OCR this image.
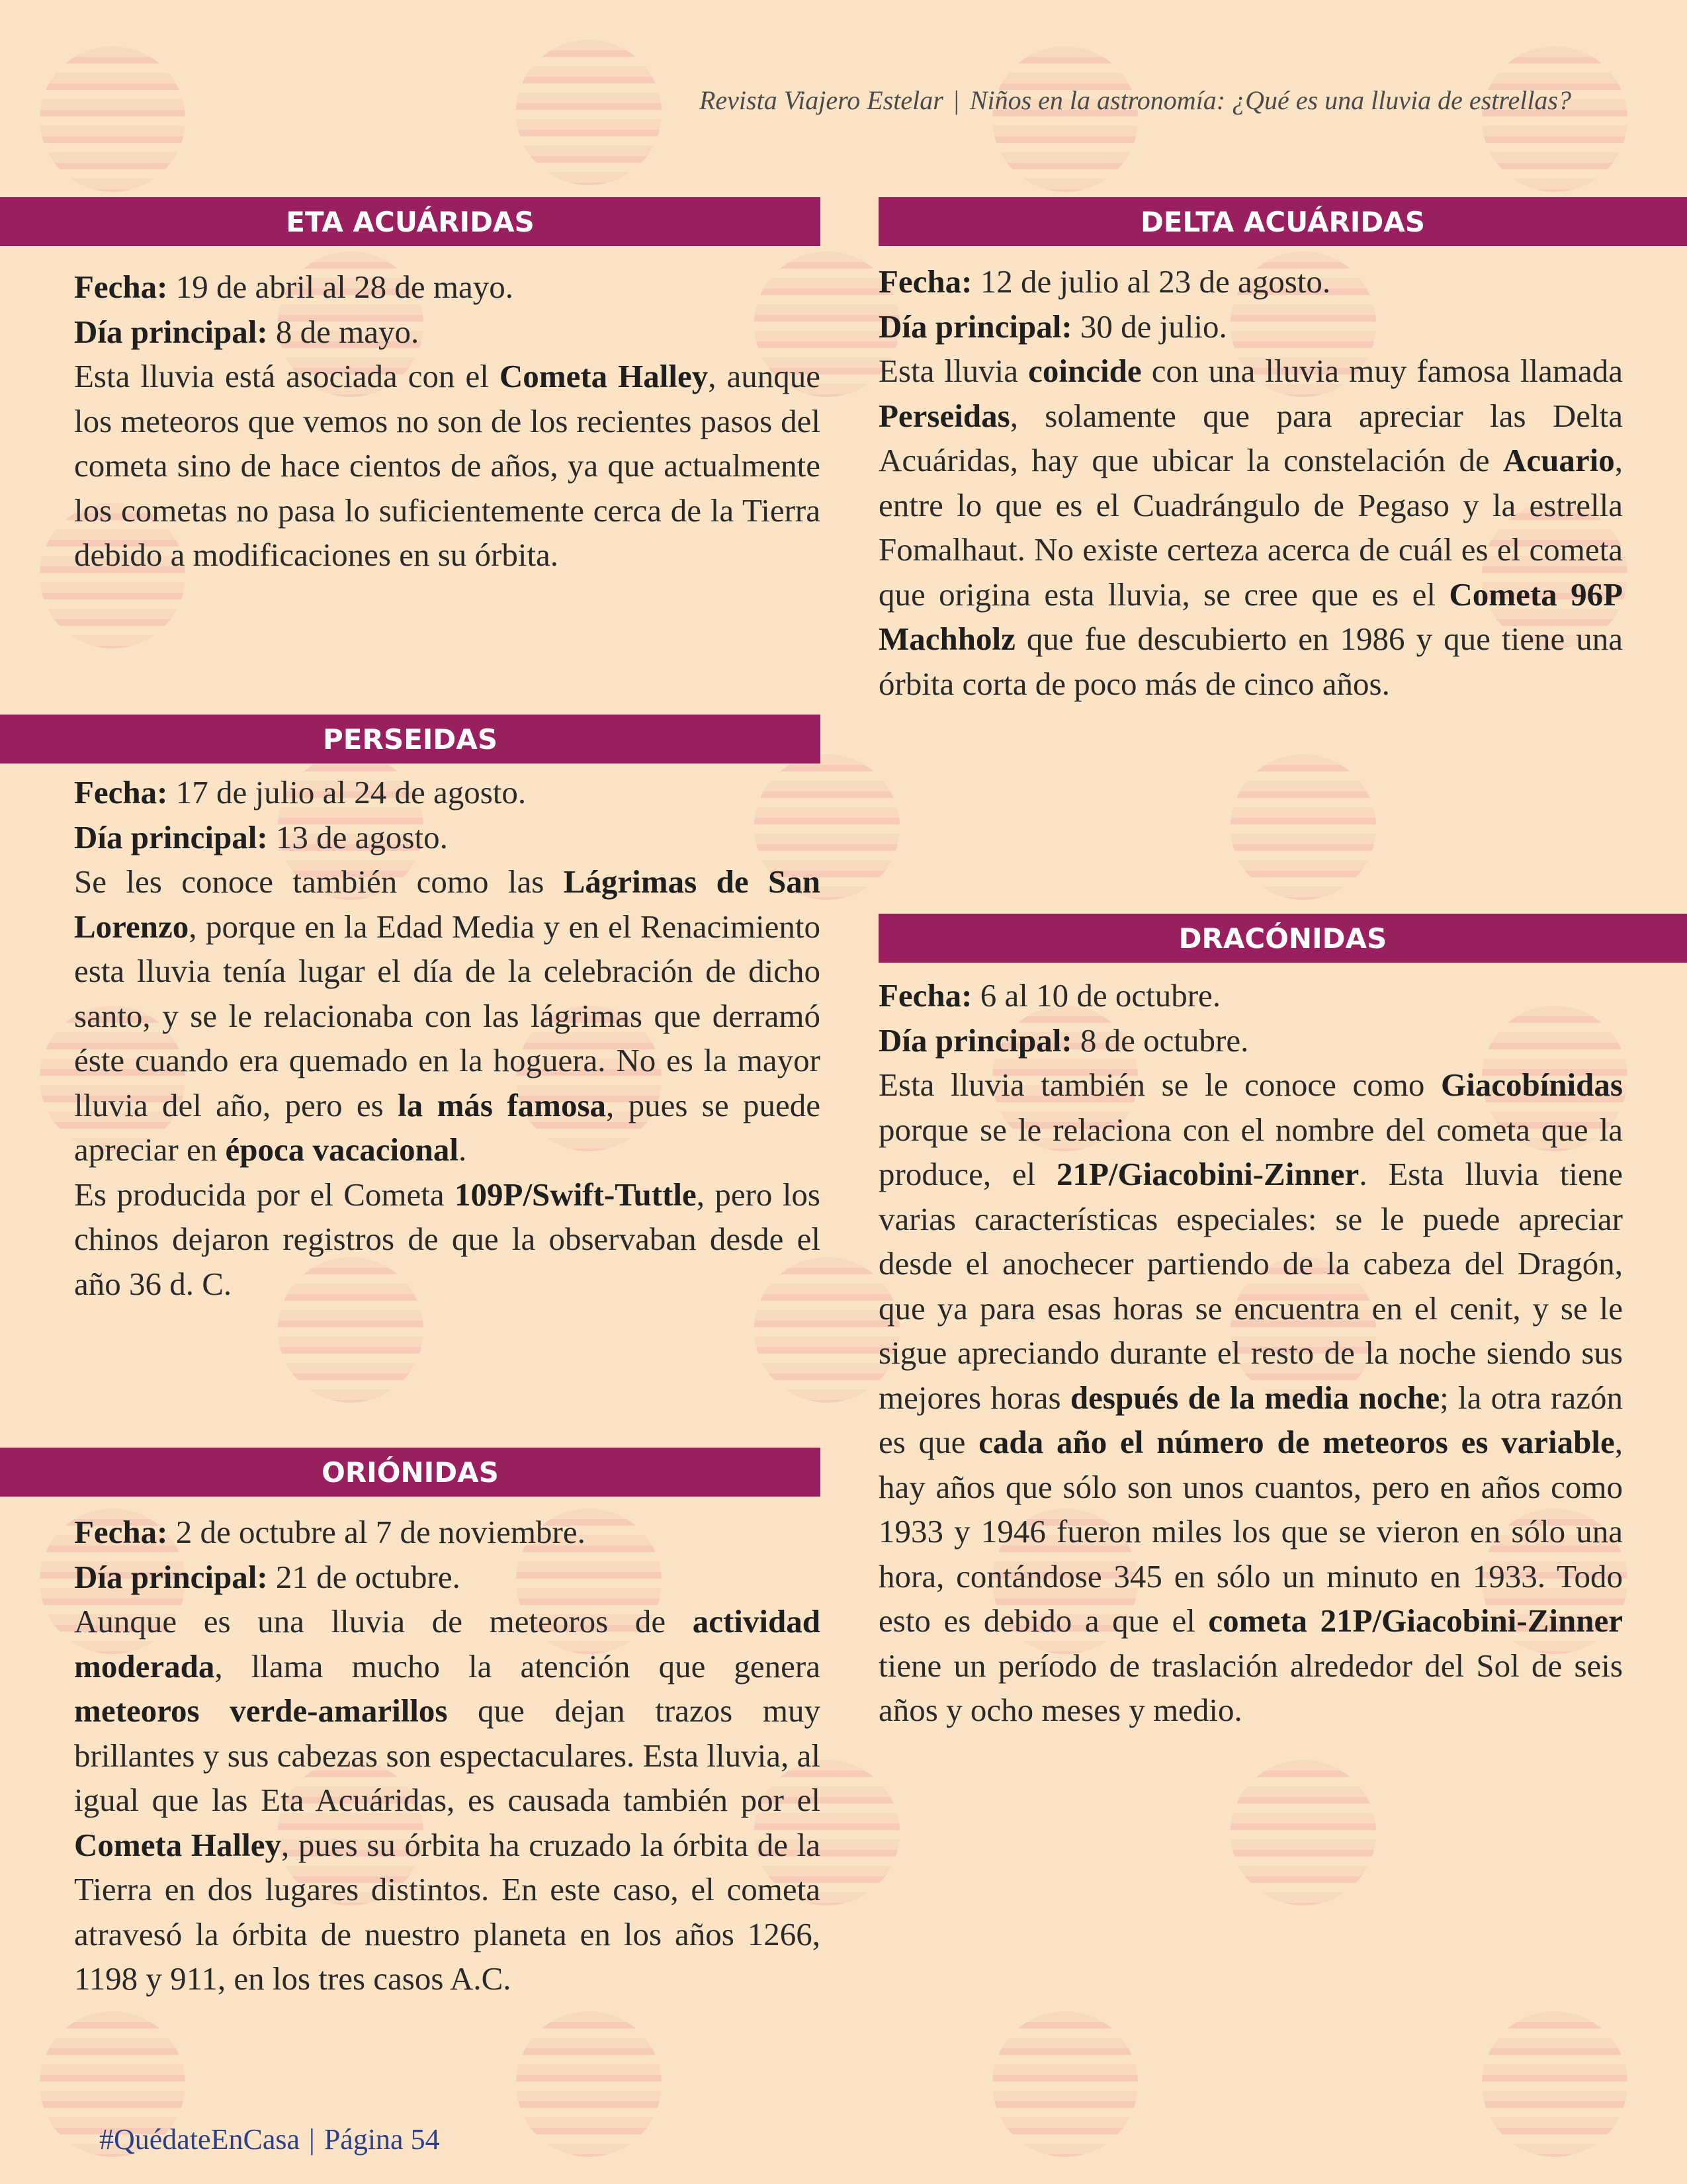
Revista Viajero Estelar | Niños en la astronomía: ¿Qué es una lluvia de estrellas?
ETA ACUÁRIDAS

Fecha: 19 de abril al 28 de mayo.

Día principal: 8 de mayo.

Esta lluvia está asociada con el Cometa Halley, aunque los meteoros que vemos no son de los recientes pasos del cometa sino de hace cientos de años, ya que actualmente los cometas no pasa lo suficientemente cerca de la Tierra debido a modificaciones en su órbita.

PERSEIDAS

Fecha: 17 de julio al 24 de agosto.

Día principal: 13 de agosto.

Se les conoce también como las Lágrimas de San Lorenzo, porque en la Edad Media y en el Renacimiento esta lluvia tenía lugar el día de la celebración de dicho santo, y se le relacionaba con las lágrimas que derramó éste cuando era quemado en la hoguera. No es la mayor lluvia del año, pero es la más famosa, pues se puede apreciar en época vacacional.

Es producida por el Cometa 109P/Swift-Tuttle, pero los chinos dejaron registros de que la observaban desde el año 36 d. C.

ORIÓNIDAS

Fecha: 2 de octubre al 7 de noviembre.

Día principal: 21 de octubre.

Aunque es una lluvia de meteoros de actividad moderada, llama mucho la atención que genera meteoros verde-amarillos que dejan trazos muy brillantes y sus cabezas son espectaculares. Esta lluvia, al igual que las Eta Acuáridas, es causada también por el Cometa Halley, pues su órbita ha cruzado la órbita de la Tierra en dos lugares distintos. En este caso, el cometa atravesó la órbita de nuestro planeta en los años 1266, 1198 y 911, en los tres casos A.C.

DELTA ACUÁRIDAS

Fecha: 12 de julio al 23 de agosto.

Día principal: 30 de julio.

Esta lluvia coincide con una lluvia muy famosa llamada Perseidas, solamente que para apreciar las Delta Acuáridas, hay que ubicar la constelación de Acuario, entre lo que es el Cuadrángulo de Pegaso y la estrella Fomalhaut. No existe certeza acerca de cuál es el cometa que origina esta lluvia, se cree que es el Cometa 96P Machholz que fue descubierto en 1986 y que tiene una órbita corta de poco más de cinco años.

DRACÓNIDAS

Fecha: 6 al 10 de octubre.

Día principal: 8 de octubre.

Esta lluvia también se le conoce como Giacobínidas porque se le relaciona con el nombre del cometa que la produce, el 21P/Giacobini-Zinner. Esta lluvia tiene varias características especiales: se le puede apreciar desde el anochecer partiendo de la cabeza del Dragón, que ya para esas horas se encuentra en el cenit, y se le sigue apreciando durante el resto de la noche siendo sus mejores horas después de la media noche; la otra razón es que cada año el número de meteoros es variable, hay años que sólo son unos cuantos, pero en años como 1933 y 1946 fueron miles los que se vieron en sólo una hora, contándose 345 en sólo un minuto en 1933. Todo esto es debido a que el cometa 21P/Giacobini-Zinner tiene un período de traslación alrededor del Sol de seis años y ocho meses y medio.

#QuédateEnCasa | Página 54
